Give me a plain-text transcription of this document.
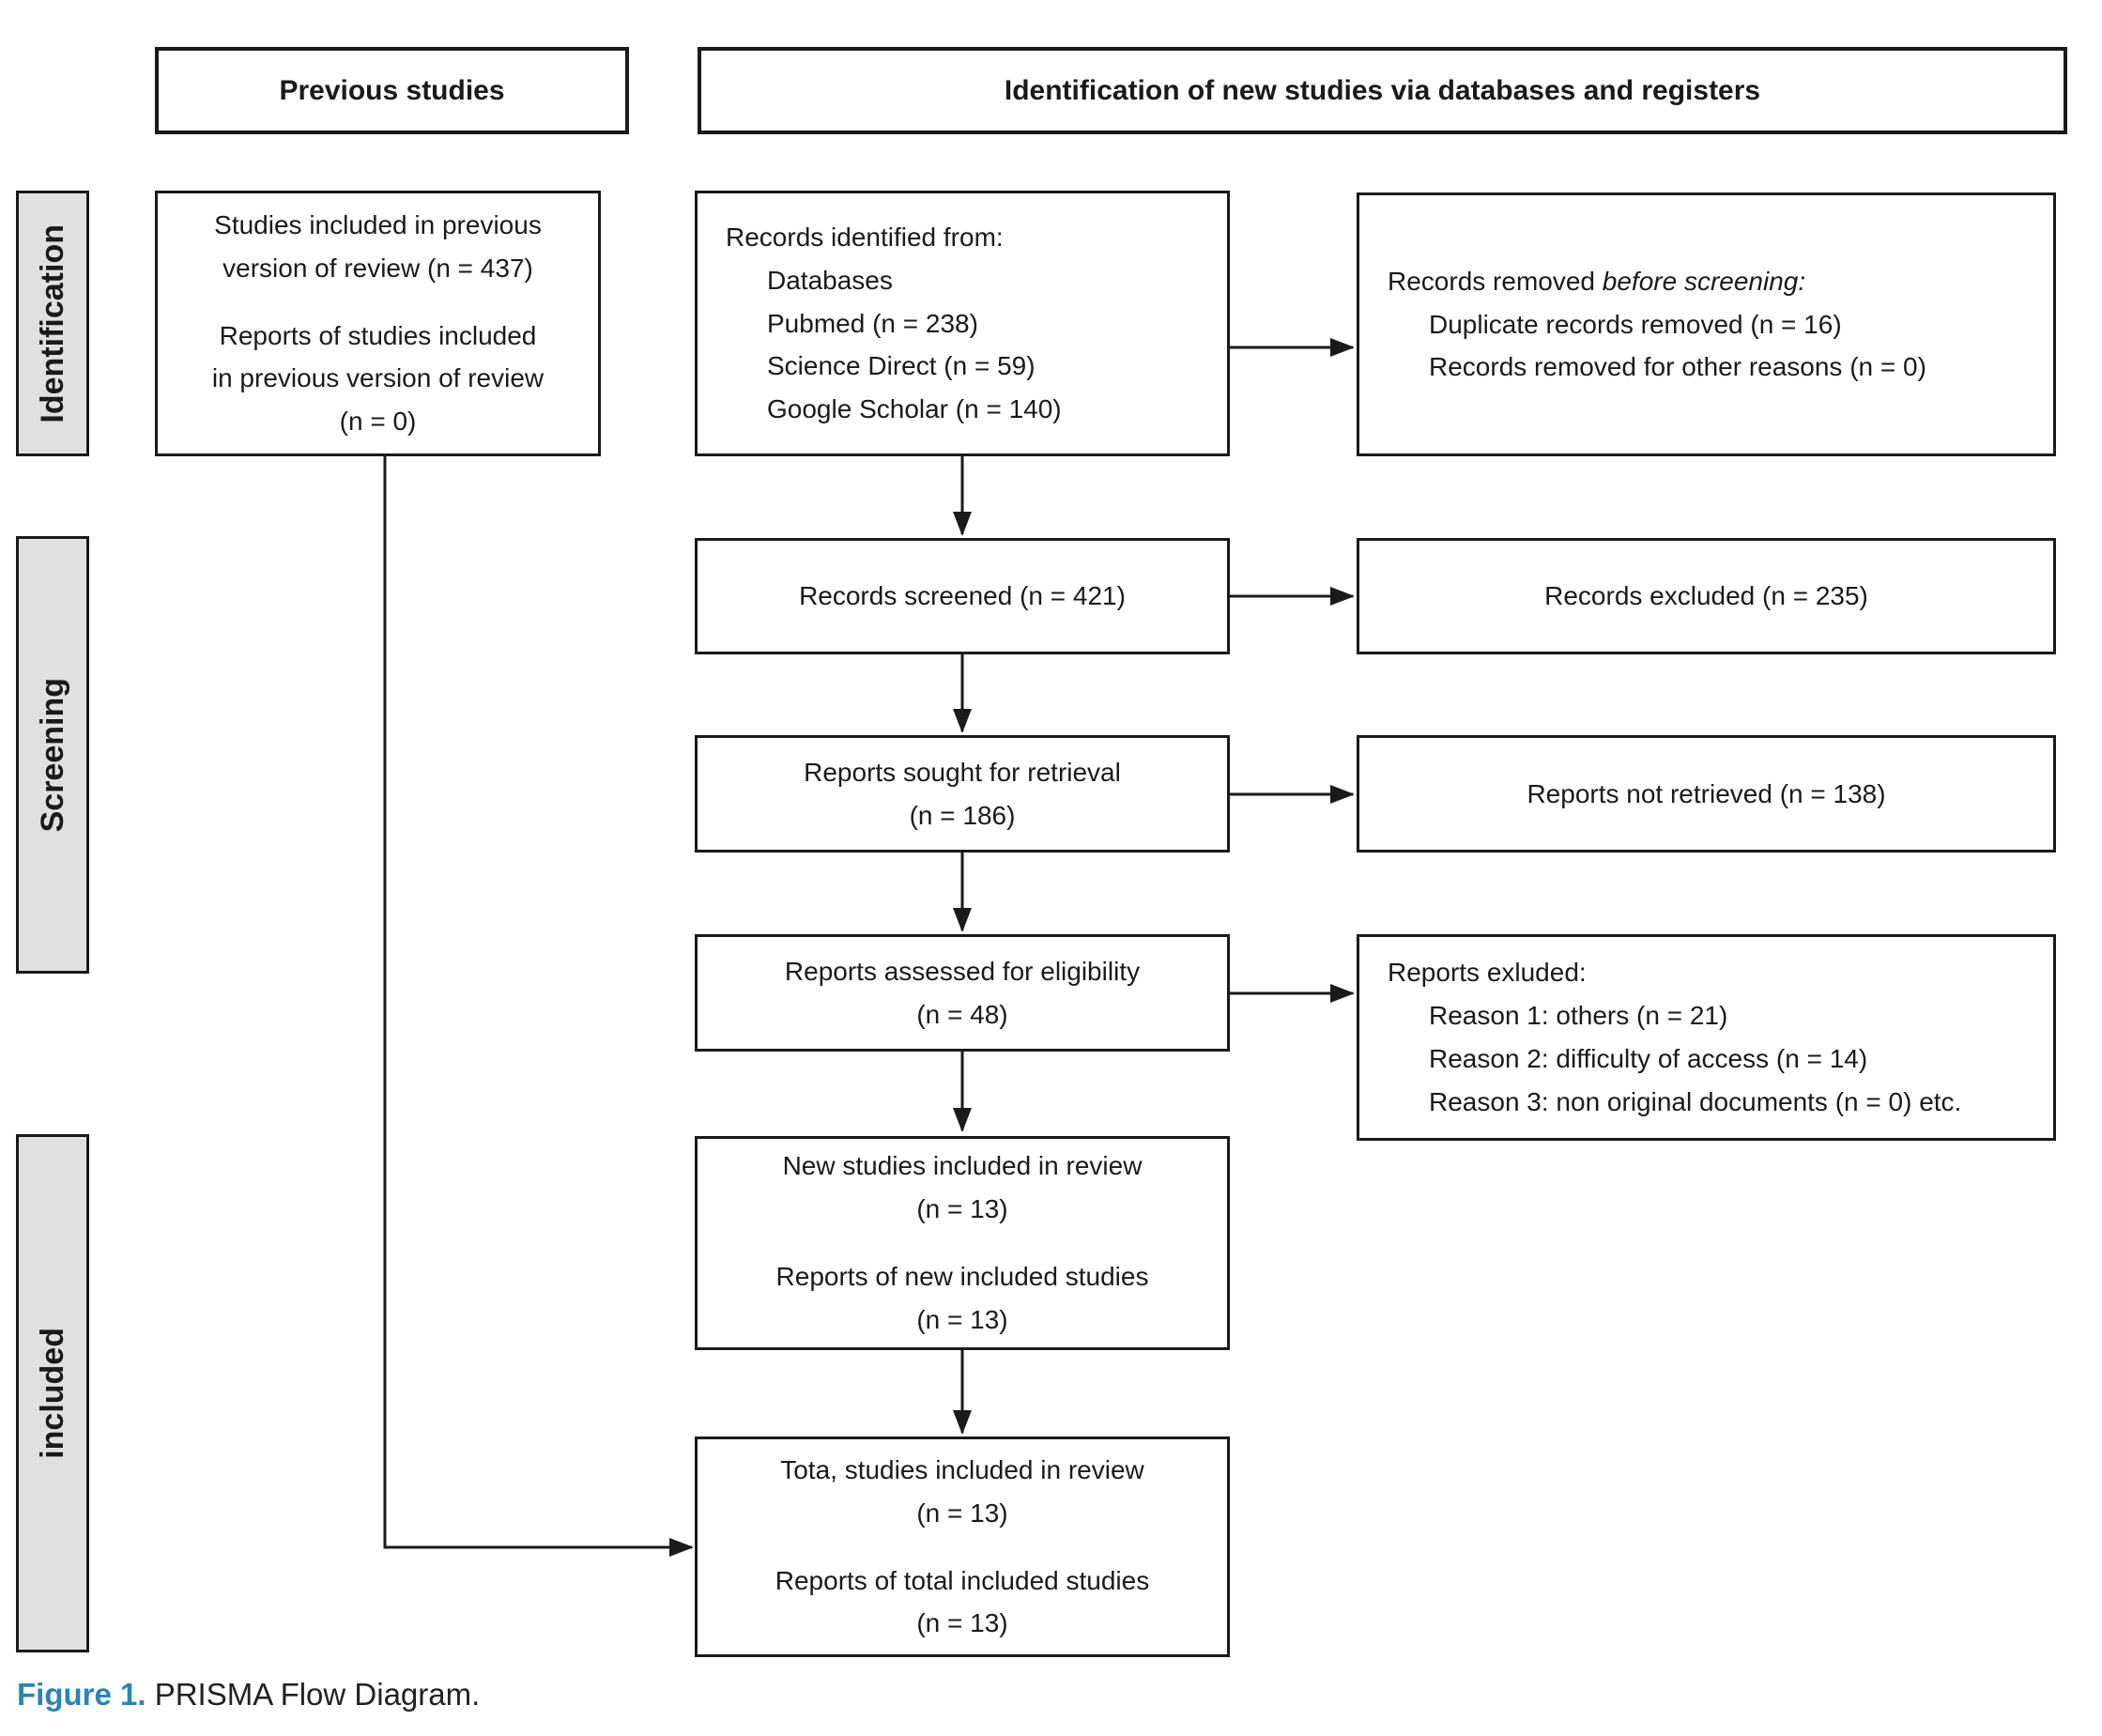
Previous studies	Identification of new studies via databases and registers
Identification
Screening
included
Studies included in previous
version of review (n = 437)
Reports of studies included
in previous version of review
(n = 0)
Records identified from:
Databases
Pubmed (n = 238)
Science Direct (n = 59)
Google Scholar (n = 140)
Records screened (n = 421)
Reports sought for retrieval
(n = 186)
Reports assessed for eligibility
(n = 48)
New studies included in review
(n = 13)
Reports of new included studies
(n = 13)
Tota, studies included in review
(n = 13)
Reports of total included studies
(n = 13)
Records removed before screening:
Duplicate records removed (n = 16)
Records removed for other reasons (n = 0)
Records excluded (n = 235)
Reports not retrieved (n = 138)
Reports exluded:
Reason 1: others (n = 21)
Reason 2: difficulty of access (n = 14)
Reason 3: non original documents (n = 0) etc.
Figure 1. PRISMA Flow Diagram.
